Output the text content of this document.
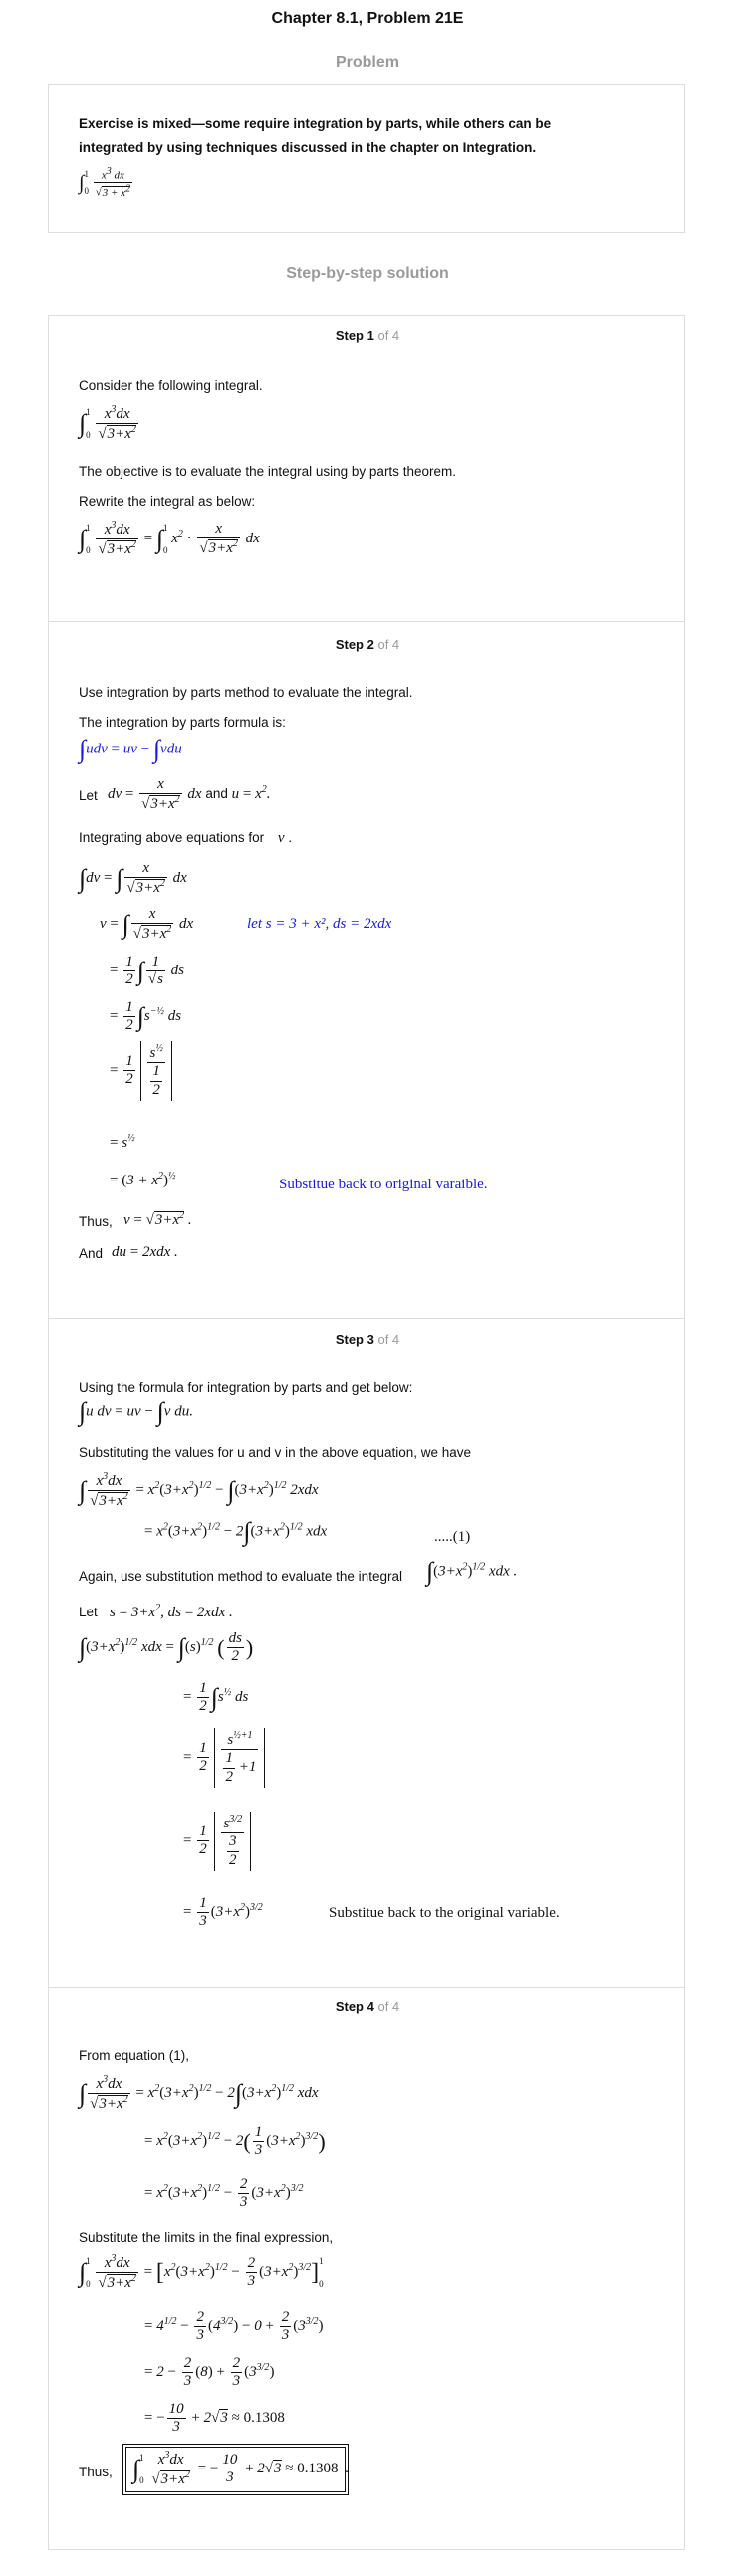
Chapter 8.1, Problem 21E
Problem
Exercise is mixed—some require integration by parts, while others can be integrated by using techniques discussed in the chapter on Integration.
∫ 1
0
$\frac{x^3 dx}{√3 + x^2}$
Step-by-step solution
Step 1 of 4
Consider the following integral.
∫ 1
0
$\frac{x^3dx}{√3+x^2}$
The objective is to evaluate the integral using by parts theorem.
Rewrite the integral as below:
∫ 1
0
$\frac{x^3dx}{√3+x^2}$ = ∫ 1
0
$x^2 \cdot \frac{x}{√3+x^2}$ dx
Step 2 of 4
Use integration by parts method to evaluate the integral.
The integration by parts formula is:
∫udv = uv − ∫vdu
Let dv = $\frac{x}{√3+x^2}$ dx and $u = x^2$.
Integrating above equations for v .
∫dv = ∫ $\frac{x}{√3+x^2}$ dx
v = ∫ $\frac{x}{√3+x^2}$ dx	let s = 3 + x², ds = 2xdx
= $\frac{1}{2}$ ∫ $\frac{1}{√s}$ ds
= $\frac{1}{2} \int s^{-\frac{1}{2}}$ ds
= $\frac{1}{2}$
$\frac{s^{\frac{1}{2}}}{\frac{1}{2}}$
= $s^{\frac{1}{2}}$
= $(3 + x^2)^{\frac{1}{2}}$
Substitue back to original varaible.
Thus, $v = √3+x^2$ .
And du = 2xdx .
Step 3 of 4
Using the formula for integration by parts and get below:
∫u dv = uv − ∫v du.
Substituting the values for u and v in the above equation, we have
∫ $\frac{x^3dx}{√3+x^2} = x^2(3+x^2)^{1/2} - \int(3+x^2)^{1/2}$ 2xdx
= $x^2(3+x^2)^{1/2} - 2\int(3+x^2)^{1/2}$ xdx	.....(1)
Again, use substitution method to evaluate the integral $\int(3+x^2)^{1/2}$ xdx .
Let $s = 3+x^2$, ds = 2xdx .
$\int(3+x^2)^{1/2}$ xdx = $\int(s)^{1/2}$ ( $\frac{ds}{2}$ )
= $\frac{1}{2} \int s^{\frac{1}{2}}$ ds
= $\frac{1}{2}$
$\frac{s^{\frac{1}{2}+1}}{\frac{1}{2} +1}$
= $\frac{1}{2}$
$\frac{s^{3/2}}{\frac{3}{2}}$
= $\frac{1}{3} (3+x^2)^{3/2}$	Substitue back to the original variable.
Step 4 of 4
From equation (1),
∫ $\frac{x^3dx}{√3+x^2} = x^2(3+x^2)^{1/2} - 2\int(3+x^2)^{1/2}$ xdx
= $x^2(3+x^2)^{1/2} - 2( \frac{1}{3} (3+x^2)^{3/2})$
= $x^2(3+x^2)^{1/2} - \frac{2}{3} (3+x^2)^{3/2}$
Substitute the limits in the final expression,
∫ 1
0
$\frac{x^3dx}{√3+x^2} = [x^2(3+x^2)^{1/2} - \frac{2}{3} (3+x^2)^{3/2}]$ 1
0
= $4^{1/2} - \frac{2}{3} (4^{3/2}) - 0 + \frac{2}{3} (3^{3/2})$
= $2 - \frac{2}{3} (8) + \frac{2}{3} (3^{3/2})$
= − $\frac{10}{3} + 2√3 \approx 0.1308$
Thus, ∫ 1
0
$\frac{x^3dx}{√3+x^2}$ = − $\frac{10}{3} + 2√3 \approx 0.1308$ .
